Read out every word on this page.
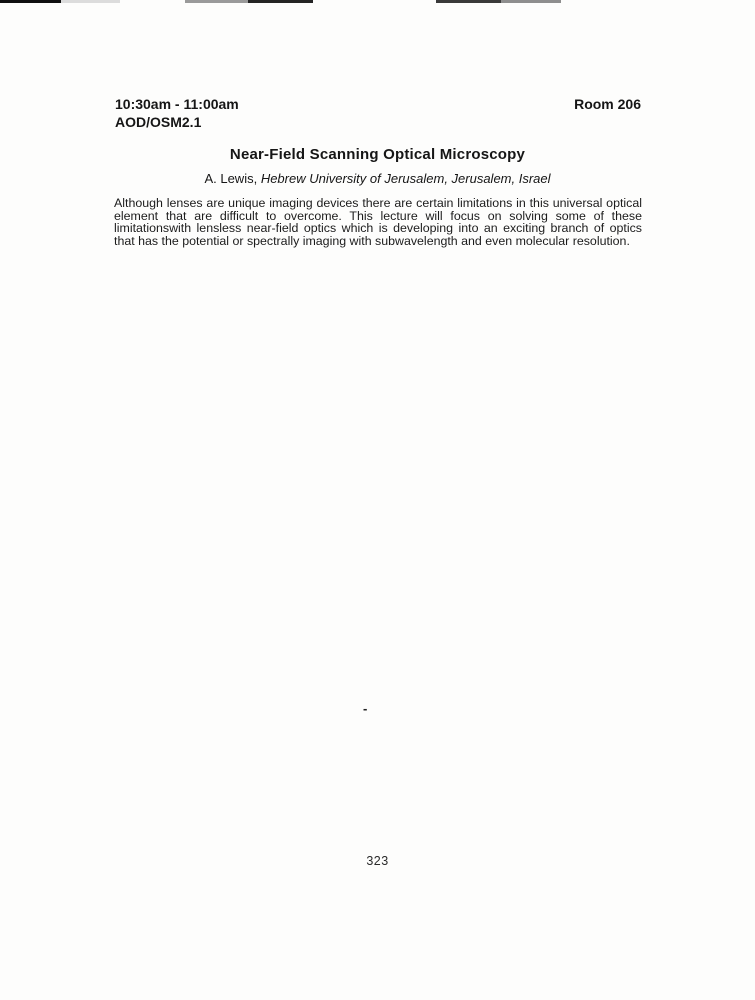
10:30am - 11:00am	Room 206
AOD/OSM2.1
Near-Field Scanning Optical Microscopy
A. Lewis, Hebrew University of Jerusalem, Jerusalem, Israel
Although lenses are unique imaging devices there are certain limitations in this universal optical element that are difficult to overcome. This lecture will focus on solving some of these limitationswith lensless near-field optics which is developing into an exciting branch of optics that has the potential or spectrally imaging with subwavelength and even molecular resolution.
-
323
